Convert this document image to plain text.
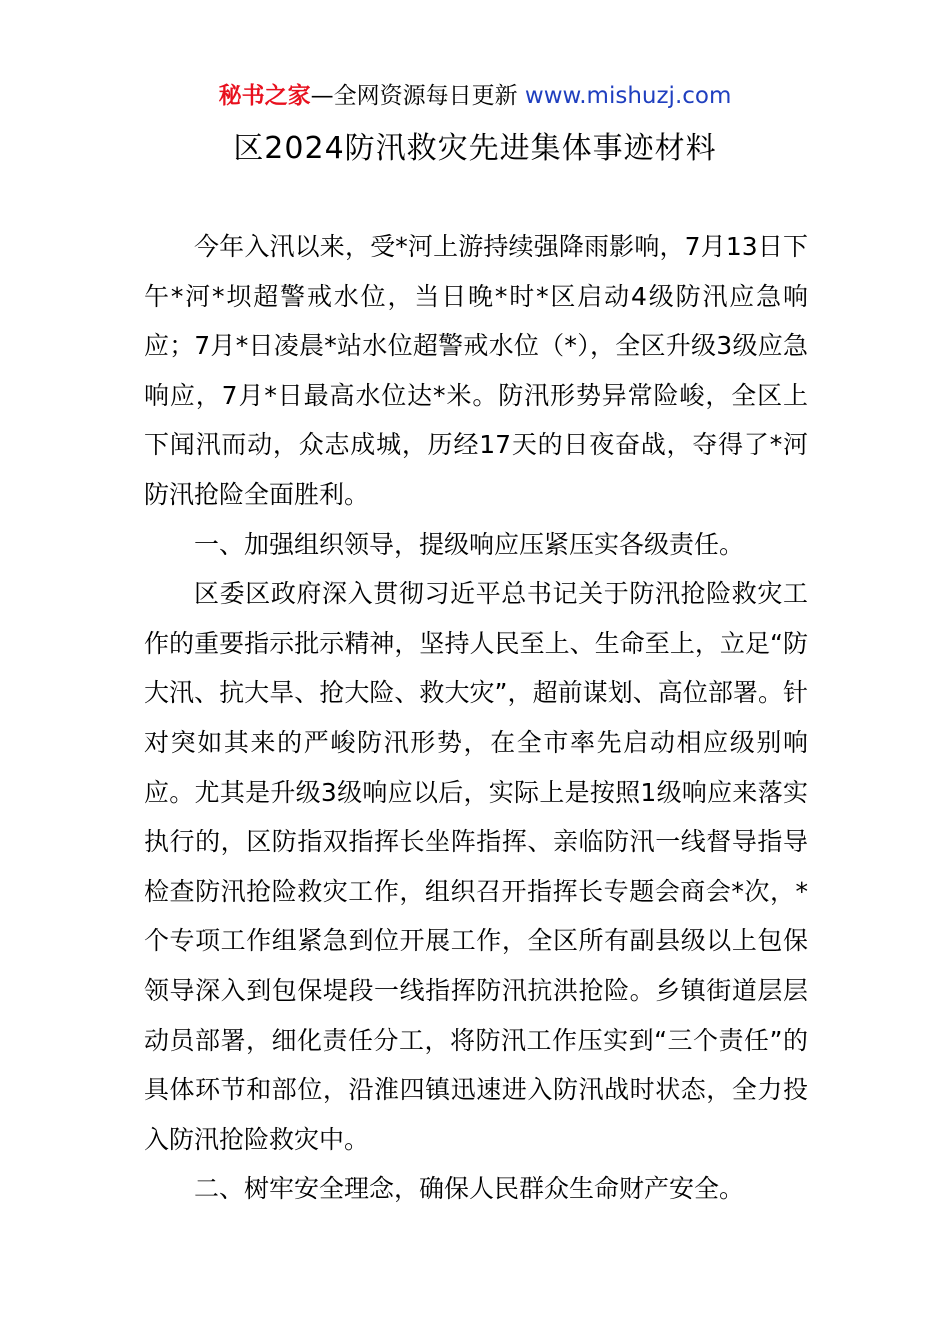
秘书之家—全网资源每日更新 www.mishuzj.com
区2024防汛救灾先进集体事迹材料

今年入汛以来，受*河上游持续强降雨影响，7月13日下午*河*坝超警戒水位，当日晚*时*区启动4级防汛应急响应；7月*日凌晨*站水位超警戒水位（*），全区升级3级应急响应，7月*日最高水位达*米。防汛形势异常险峻，全区上下闻汛而动，众志成城，历经17天的日夜奋战，夺得了*河防汛抢险全面胜利。

一、加强组织领导，提级响应压紧压实各级责任。

区委区政府深入贯彻习近平总书记关于防汛抢险救灾工作的重要指示批示精神，坚持人民至上、生命至上，立足“防大汛、抗大旱、抢大险、救大灾”，超前谋划、高位部署。针对突如其来的严峻防汛形势，在全市率先启动相应级别响应。尤其是升级3级响应以后，实际上是按照1级响应来落实执行的，区防指双指挥长坐阵指挥、亲临防汛一线督导指导检查防汛抢险救灾工作，组织召开指挥长专题会商会*次，*个专项工作组紧急到位开展工作，全区所有副县级以上包保领导深入到包保堤段一线指挥防汛抗洪抢险。乡镇街道层层动员部署，细化责任分工，将防汛工作压实到“三个责任”的具体环节和部位，沿淮四镇迅速进入防汛战时状态，全力投入防汛抢险救灾中。

二、树牢安全理念，确保人民群众生命财产安全。
